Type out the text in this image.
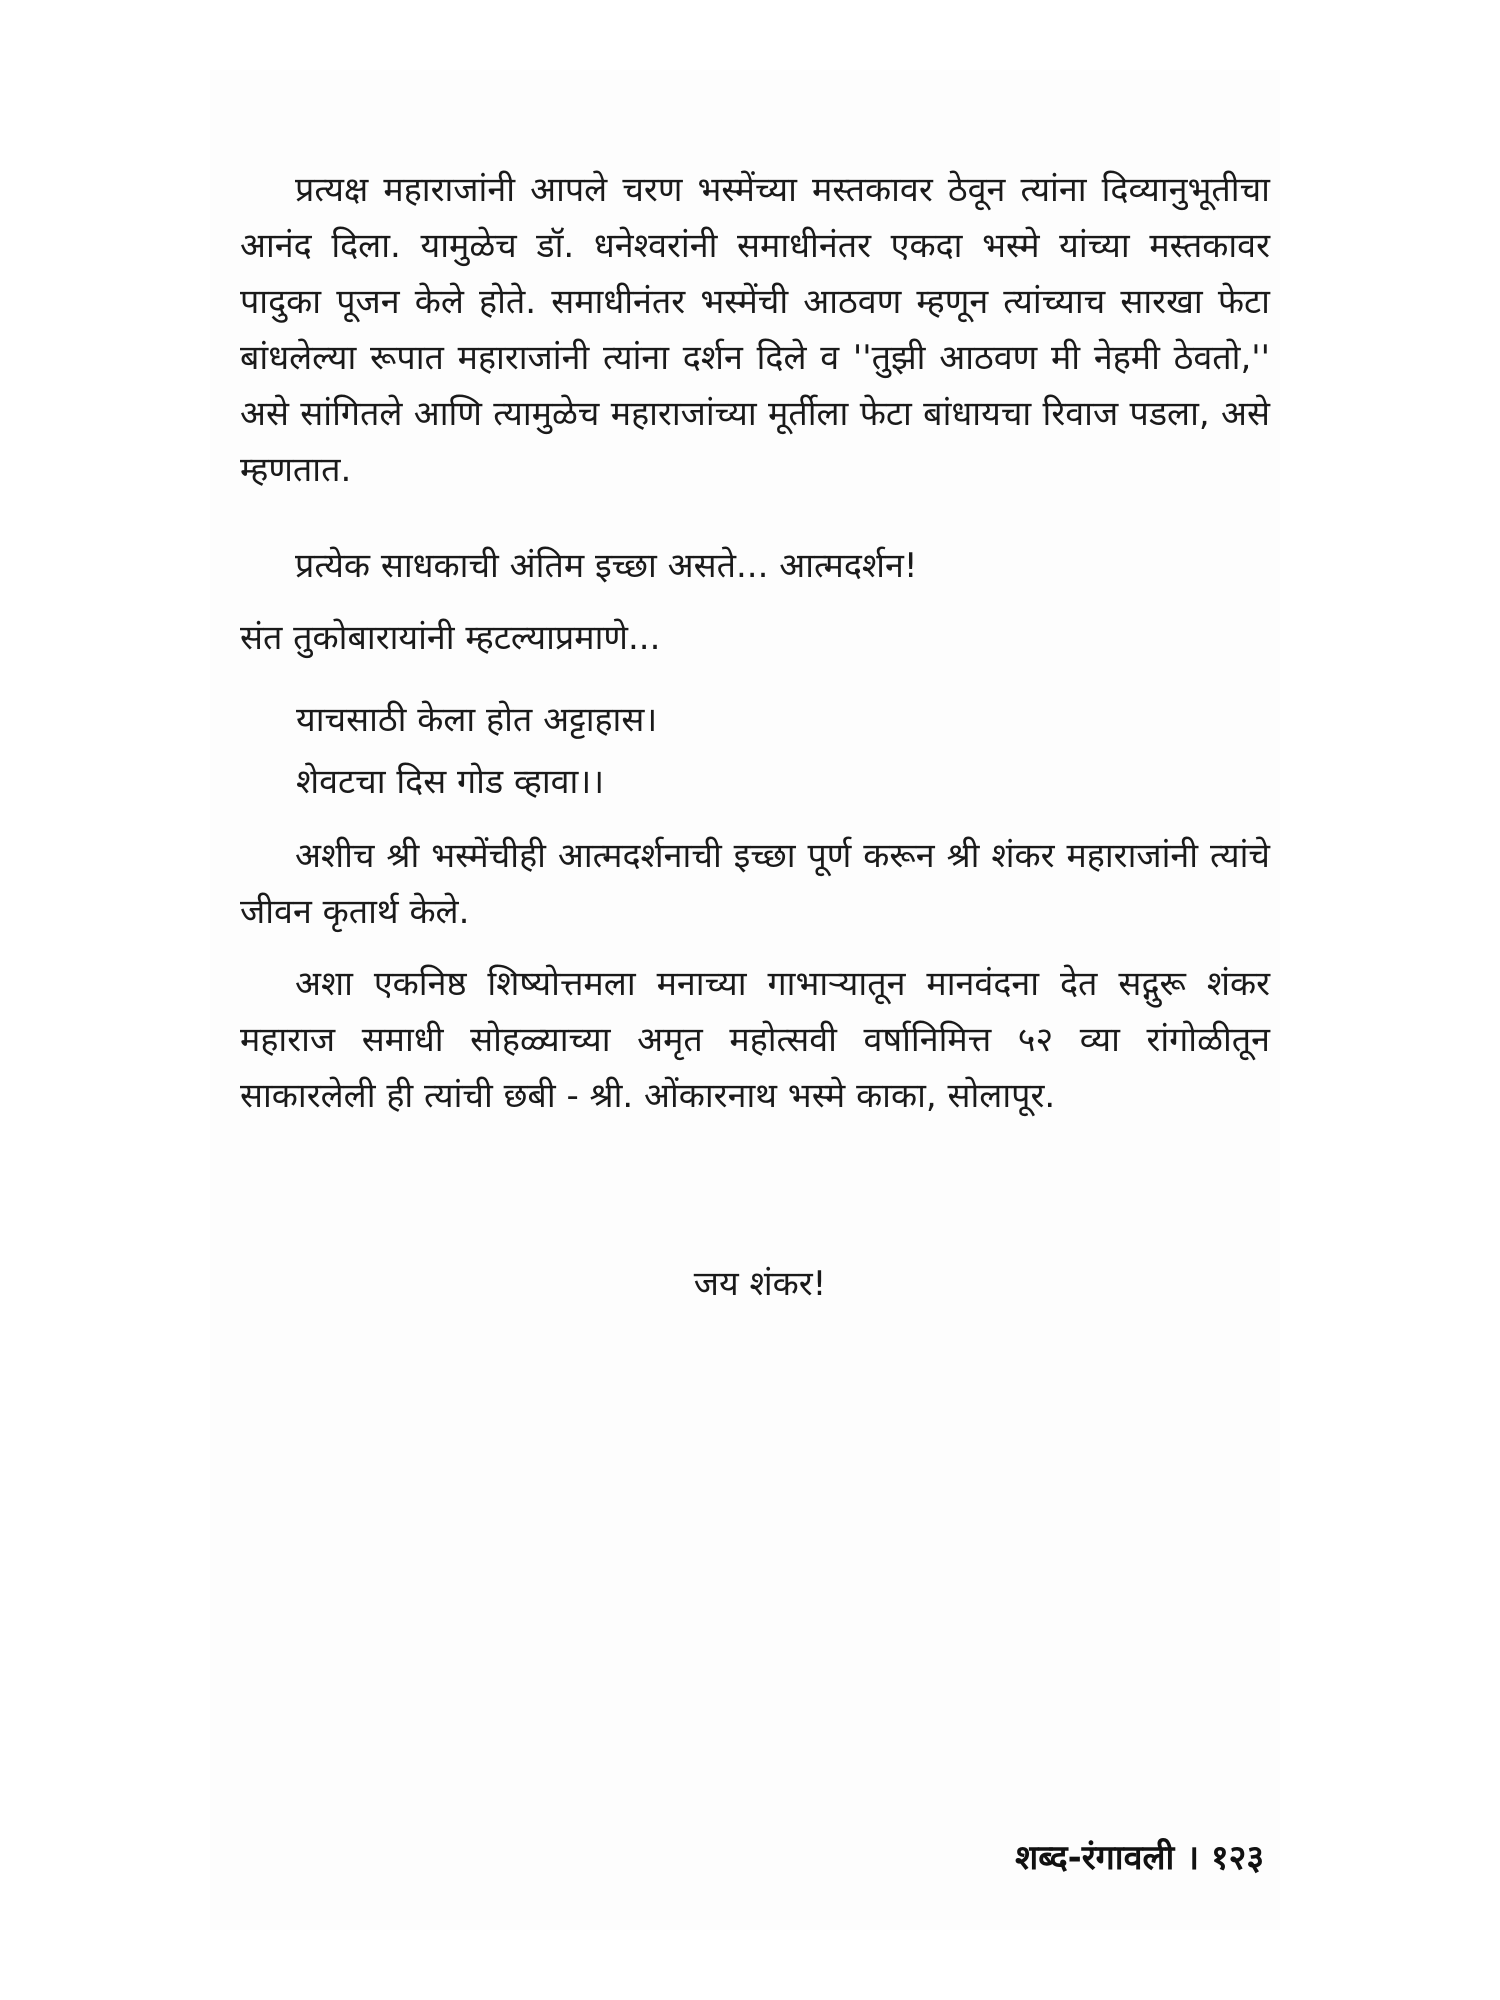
प्रत्यक्ष महाराजांनी आपले चरण भस्मेंच्या मस्तकावर ठेवून त्यांना दिव्यानुभूतीचा आनंद दिला. यामुळेच डॉ. धनेश्वरांनी समाधीनंतर एकदा भस्मे यांच्या मस्तकावर पादुका पूजन केले होते. समाधीनंतर भस्मेंची आठवण म्हणून त्यांच्याच सारखा फेटा बांधलेल्या रूपात महाराजांनी त्यांना दर्शन दिले व ''तुझी आठवण मी नेहमी ठेवतो,'' असे सांगितले आणि त्यामुळेच महाराजांच्या मूर्तीला फेटा बांधायचा रिवाज पडला, असे म्हणतात.

प्रत्येक साधकाची अंतिम इच्छा असते... आत्मदर्शन!

संत तुकोबारायांनी म्हटल्याप्रमाणे...

याचसाठी केला होत अट्टाहास।

शेवटचा दिस गोड व्हावा।।

अशीच श्री भस्मेंचीही आत्मदर्शनाची इच्छा पूर्ण करून श्री शंकर महाराजांनी त्यांचे जीवन कृतार्थ केले.

अशा एकनिष्ठ शिष्योत्तमला मनाच्या गाभाऱ्यातून मानवंदना देत सद्गुरू शंकर महाराज समाधी सोहळ्याच्या अमृत महोत्सवी वर्षानिमित्त ५२ व्या रांगोळीतून साकारलेली ही त्यांची छबी - श्री. ओंकारनाथ भस्मे काका, सोलापूर.

जय शंकर!

शब्द-रंगावली । १२३
